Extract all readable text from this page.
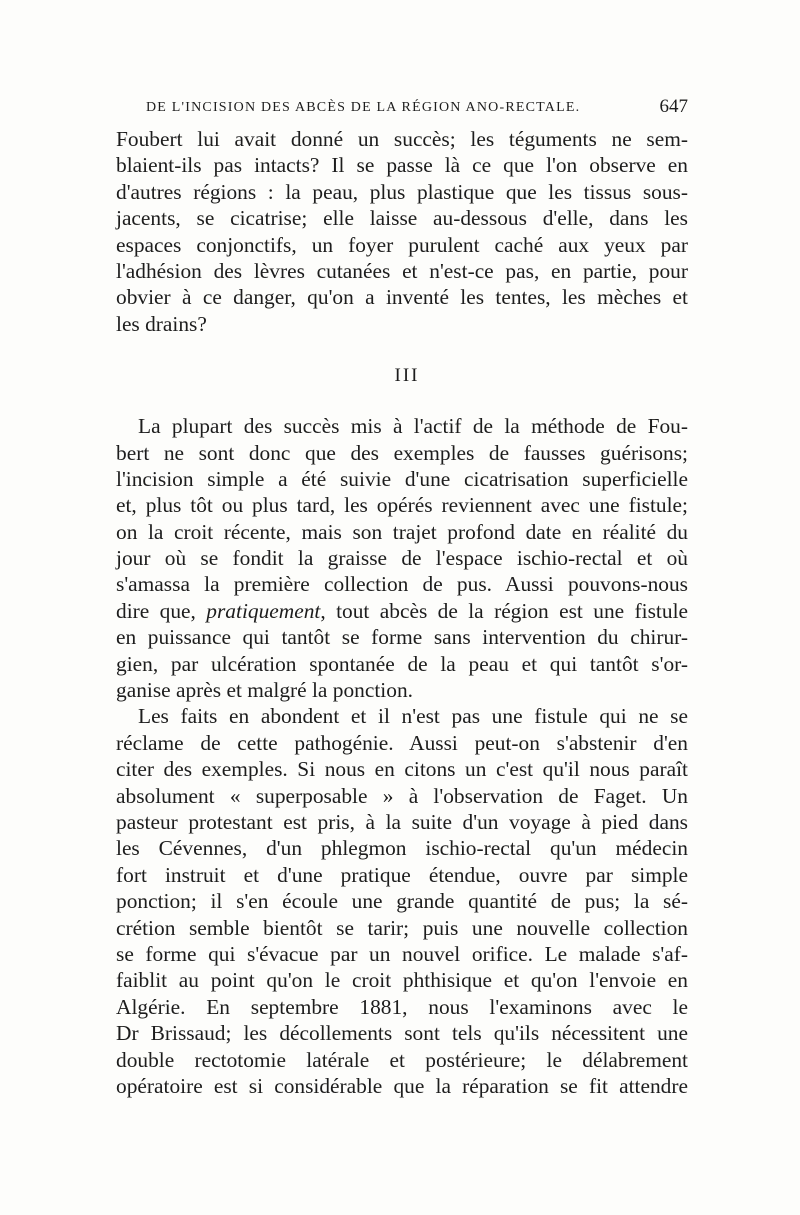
DE L'INCISION DES ABCÈS DE LA RÉGION ANO-RECTALE.	647
Foubert lui avait donné un succès; les téguments ne sem-
blaient-ils pas intacts? Il se passe là ce que l'on observe en
d'autres régions : la peau, plus plastique que les tissus sous-
jacents, se cicatrise; elle laisse au-dessous d'elle, dans les
espaces conjonctifs, un foyer purulent caché aux yeux par
l'adhésion des lèvres cutanées et n'est-ce pas, en partie, pour
obvier à ce danger, qu'on a inventé les tentes, les mèches et
les drains?
III
La plupart des succès mis à l'actif de la méthode de Fou-
bert ne sont donc que des exemples de fausses guérisons;
l'incision simple a été suivie d'une cicatrisation superficielle
et, plus tôt ou plus tard, les opérés reviennent avec une fistule;
on la croit récente, mais son trajet profond date en réalité du
jour où se fondit la graisse de l'espace ischio-rectal et où
s'amassa la première collection de pus. Aussi pouvons-nous
dire que, pratiquement, tout abcès de la région est une fistule
en puissance qui tantôt se forme sans intervention du chirur-
gien, par ulcération spontanée de la peau et qui tantôt s'or-
ganise après et malgré la ponction.
Les faits en abondent et il n'est pas une fistule qui ne se
réclame de cette pathogénie. Aussi peut-on s'abstenir d'en
citer des exemples. Si nous en citons un c'est qu'il nous paraît
absolument « superposable » à l'observation de Faget. Un
pasteur protestant est pris, à la suite d'un voyage à pied dans
les Cévennes, d'un phlegmon ischio-rectal qu'un médecin
fort instruit et d'une pratique étendue, ouvre par simple
ponction; il s'en écoule une grande quantité de pus; la sé-
crétion semble bientôt se tarir; puis une nouvelle collection
se forme qui s'évacue par un nouvel orifice. Le malade s'af-
faiblit au point qu'on le croit phthisique et qu'on l'envoie en
Algérie. En septembre 1881, nous l'examinons avec le
Dr Brissaud; les décollements sont tels qu'ils nécessitent une
double rectotomie latérale et postérieure; le délabrement
opératoire est si considérable que la réparation se fit attendre
